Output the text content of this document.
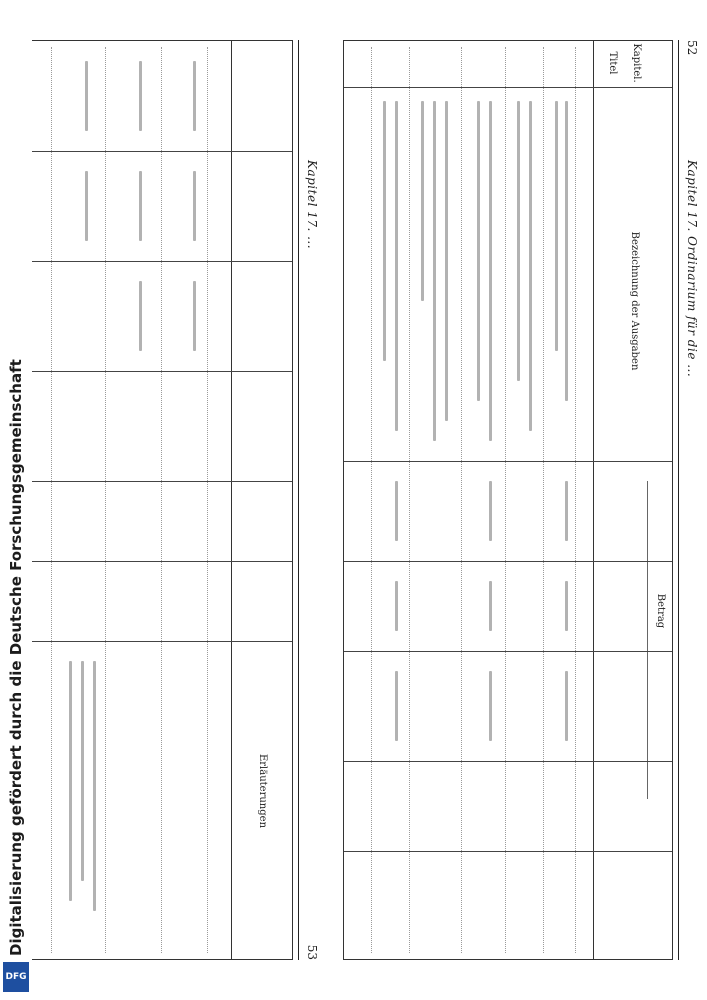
52
Kapitel 17. Ordinarium für die ...
Kapitel.
Titel
Bezeichnung der Ausgaben
Betrag
53
Kapitel 17. ...
Erläuterungen
Digitalisierung gefördert durch die Deutsche Forschungsgemeinschaft
DFG
